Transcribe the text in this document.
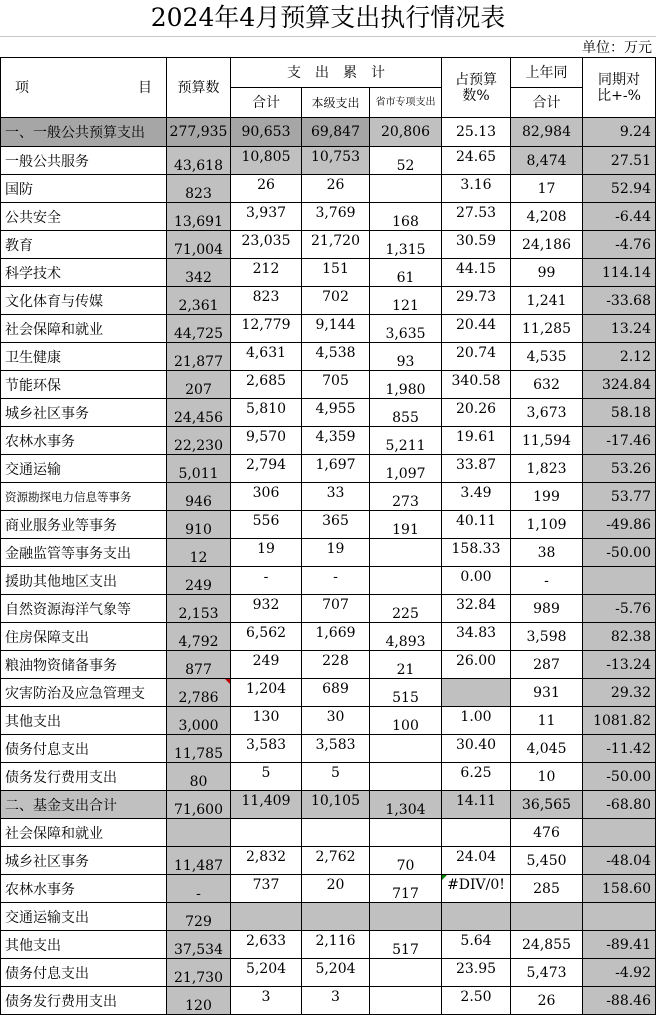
2024年4月预算支出执行情况表
单位：万元
项 目	预算数	支　出　累　计			占预算数%	上年同	同期对比+-%
		合计	本级支出	省市专项支出		合计	
一、一般公共预算支出	277,935	90,653	69,847	20,806	25.13	82,984	9.24
一般公共服务	43,618	10,805	10,753	52	24.65	8,474	27.51
国防	823	26	26		3.16	17	52.94
公共安全	13,691	3,937	3,769	168	27.53	4,208	-6.44
教育	71,004	23,035	21,720	1,315	30.59	24,186	-4.76
科学技术	342	212	151	61	44.15	99	114.14
文化体育与传媒	2,361	823	702	121	29.73	1,241	-33.68
社会保障和就业	44,725	12,779	9,144	3,635	20.44	11,285	13.24
卫生健康	21,877	4,631	4,538	93	20.74	4,535	2.12
节能环保	207	2,685	705	1,980	340.58	632	324.84
城乡社区事务	24,456	5,810	4,955	855	20.26	3,673	58.18
农林水事务	22,230	9,570	4,359	5,211	19.61	11,594	-17.46
交通运输	5,011	2,794	1,697	1,097	33.87	1,823	53.26
资源勘探电力信息等事务	946	306	33	273	3.49	199	53.77
商业服务业等事务	910	556	365	191	40.11	1,109	-49.86
金融监管等事务支出	12	19	19		158.33	38	-50.00
援助其他地区支出	249	-	-		0.00	-	
自然资源海洋气象等	2,153	932	707	225	32.84	989	-5.76
住房保障支出	4,792	6,562	1,669	4,893	34.83	3,598	82.38
粮油物资储备事务	877	249	228	21	26.00	287	-13.24
灾害防治及应急管理支	2,786	1,204	689	515		931	29.32
其他支出	3,000	130	30	100	1.00	11	1081.82
债务付息支出	11,785	3,583	3,583		30.40	4,045	-11.42
债务发行费用支出	80	5	5		6.25	10	-50.00
二、基金支出合计	71,600	11,409	10,105	1,304	14.11	36,565	-68.80
社会保障和就业						476	
城乡社区事务	11,487	2,832	2,762	70	24.04	5,450	-48.04
农林水事务	-	737	20	717	#DIV/0!	285	158.60
交通运输支出	729						
其他支出	37,534	2,633	2,116	517	5.64	24,855	-89.41
债务付息支出	21,730	5,204	5,204		23.95	5,473	-4.92
债务发行费用支出	120	3	3		2.50	26	-88.46
